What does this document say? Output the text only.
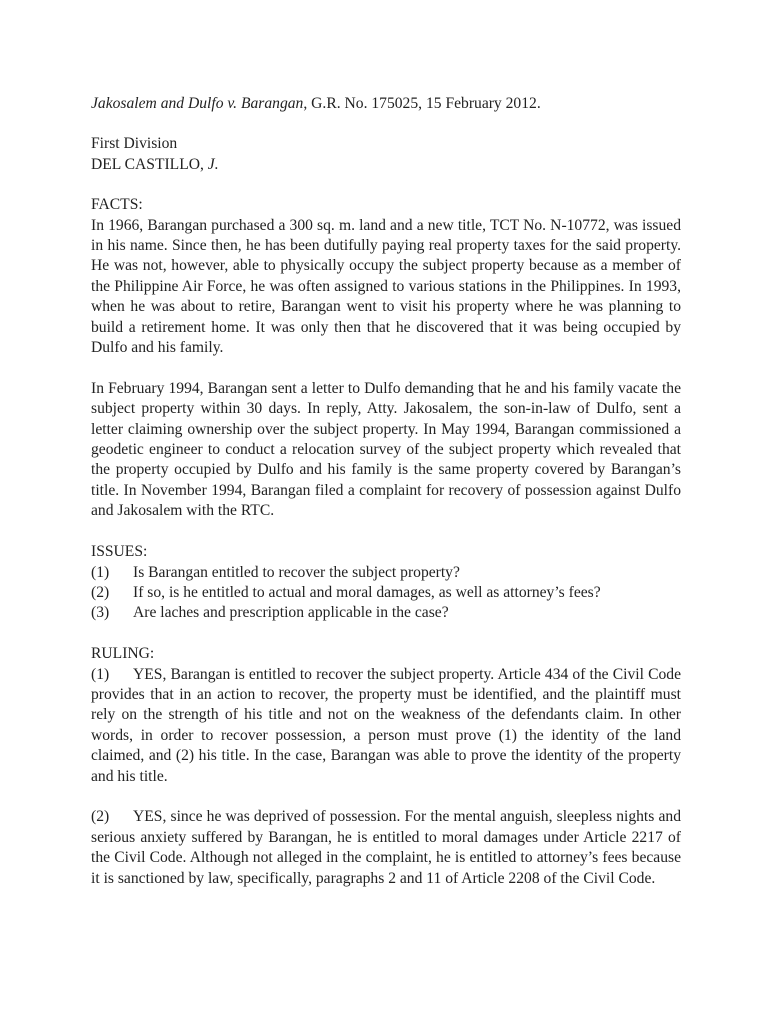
Jakosalem and Dulfo v. Barangan, G.R. No. 175025, 15 February 2012.

First Division

DEL CASTILLO, J.

FACTS:

In 1966, Barangan purchased a 300 sq. m. land and a new title, TCT No. N-10772, was issued in his name. Since then, he has been dutifully paying real property taxes for the said property. He was not, however, able to physically occupy the subject property because as a member of the Philippine Air Force, he was often assigned to various stations in the Philippines. In 1993, when he was about to retire, Barangan went to visit his property where he was planning to build a retirement home. It was only then that he discovered that it was being occupied by Dulfo and his family.

In February 1994, Barangan sent a letter to Dulfo demanding that he and his family vacate the subject property within 30 days. In reply, Atty. Jakosalem, the son-in-law of Dulfo, sent a letter claiming ownership over the subject property. In May 1994, Barangan commissioned a geodetic engineer to conduct a relocation survey of the subject property which revealed that the property occupied by Dulfo and his family is the same property covered by Barangan’s title. In November 1994, Barangan filed a complaint for recovery of possession against Dulfo and Jakosalem with the RTC.

ISSUES:

(1)	Is Barangan entitled to recover the subject property?
(2)	If so, is he entitled to actual and moral damages, as well as attorney’s fees?
(3)	Are laches and prescription applicable in the case?

RULING:

(1) YES, Barangan is entitled to recover the subject property. Article 434 of the Civil Code provides that in an action to recover, the property must be identified, and the plaintiff must rely on the strength of his title and not on the weakness of the defendants claim. In other words, in order to recover possession, a person must prove (1) the identity of the land claimed, and (2) his title. In the case, Barangan was able to prove the identity of the property and his title.

(2) YES, since he was deprived of possession. For the mental anguish, sleepless nights and serious anxiety suffered by Barangan, he is entitled to moral damages under Article 2217 of the Civil Code. Although not alleged in the complaint, he is entitled to attorney’s fees because it is sanctioned by law, specifically, paragraphs 2 and 11 of Article 2208 of the Civil Code.
